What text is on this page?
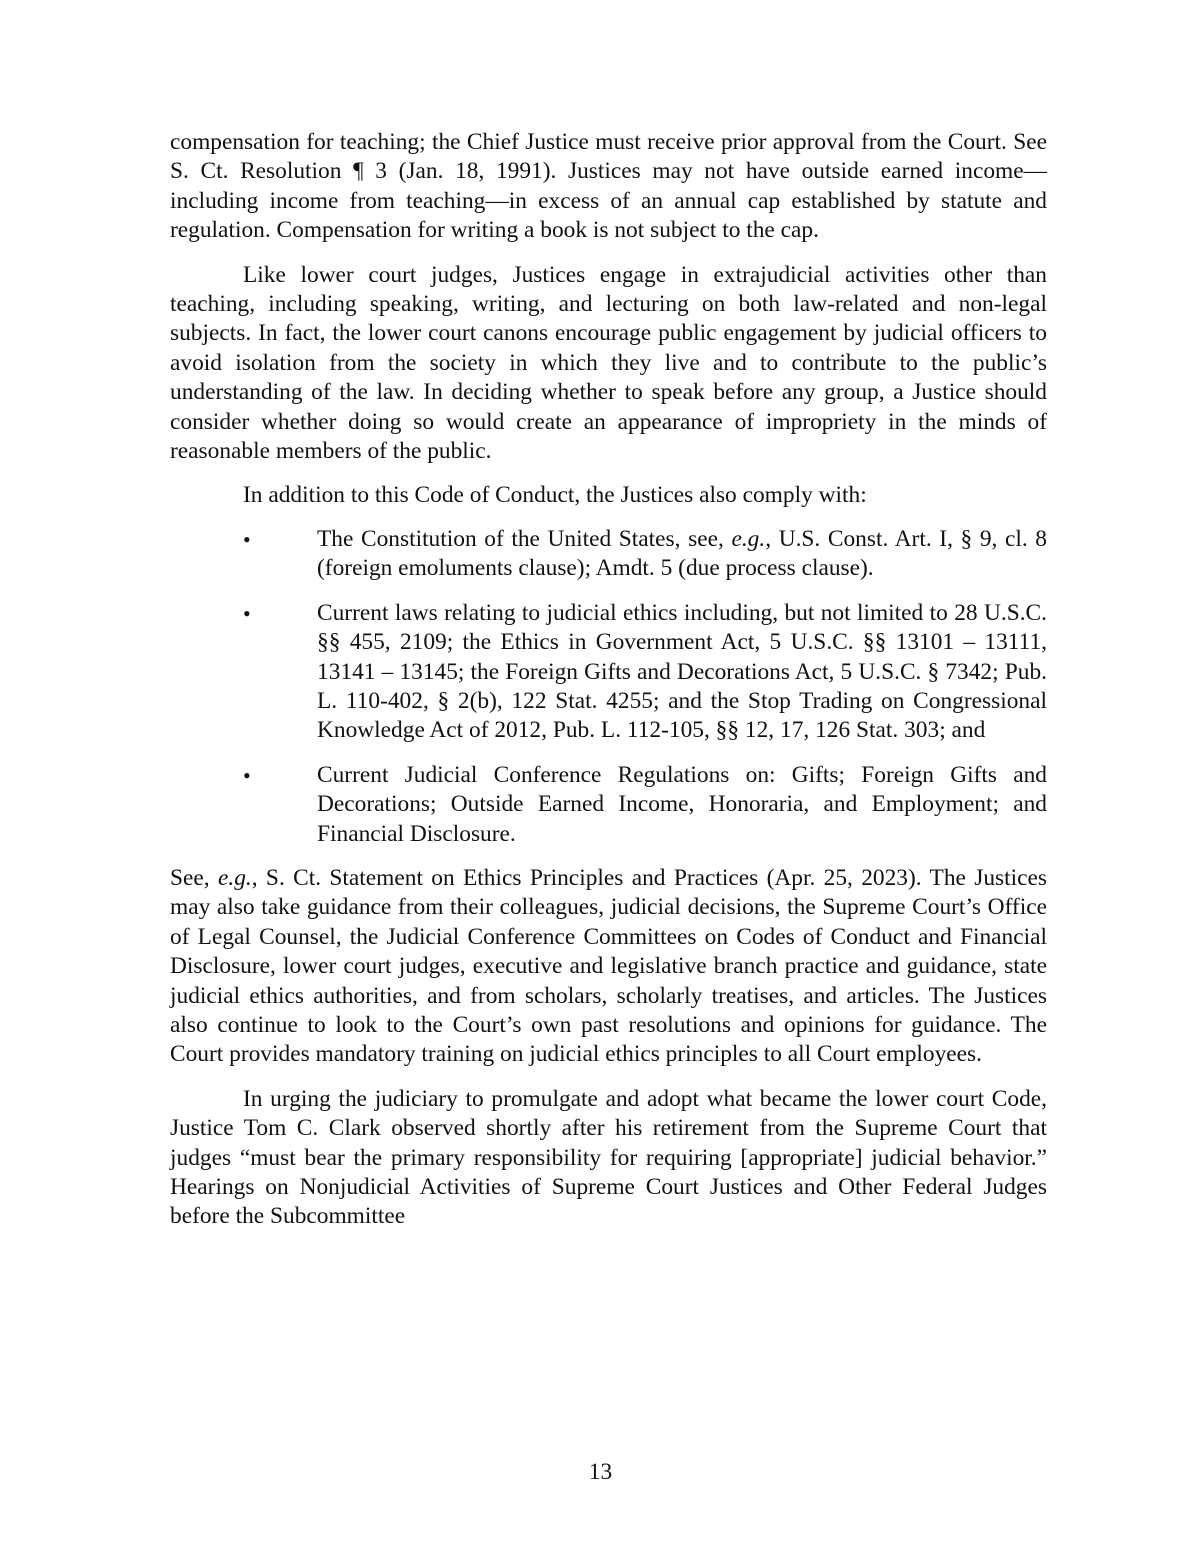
compensation for teaching; the Chief Justice must receive prior approval from the Court. See S. Ct. Resolution ¶ 3 (Jan. 18, 1991). Justices may not have outside earned income—including income from teaching—in excess of an annual cap established by statute and regulation. Compensation for writing a book is not subject to the cap.

Like lower court judges, Justices engage in extrajudicial activities other than teaching, including speaking, writing, and lecturing on both law-related and non-legal subjects. In fact, the lower court canons encourage public engagement by judicial officers to avoid isolation from the society in which they live and to contribute to the public’s understanding of the law. In deciding whether to speak before any group, a Justice should consider whether doing so would create an appearance of impropriety in the minds of reasonable members of the public.

In addition to this Code of Conduct, the Justices also comply with:

•	The Constitution of the United States, see, e.g., U.S. Const. Art. I, § 9, cl. 8 (foreign emoluments clause); Amdt. 5 (due process clause).
•	Current laws relating to judicial ethics including, but not limited to 28 U.S.C. §§ 455, 2109; the Ethics in Government Act, 5 U.S.C. §§ 13101 – 13111, 13141 – 13145; the Foreign Gifts and Decorations Act, 5 U.S.C. § 7342; Pub. L. 110-402, § 2(b), 122 Stat. 4255; and the Stop Trading on Congressional Knowledge Act of 2012, Pub. L. 112-105, §§ 12, 17, 126 Stat. 303; and
•	Current Judicial Conference Regulations on: Gifts; Foreign Gifts and Decorations; Outside Earned Income, Honoraria, and Employment; and Financial Disclosure.

See, e.g., S. Ct. Statement on Ethics Principles and Practices (Apr. 25, 2023). The Justices may also take guidance from their colleagues, judicial decisions, the Supreme Court’s Office of Legal Counsel, the Judicial Conference Committees on Codes of Conduct and Financial Disclosure, lower court judges, executive and legislative branch practice and guidance, state judicial ethics authorities, and from scholars, scholarly treatises, and articles. The Justices also continue to look to the Court’s own past resolutions and opinions for guidance. The Court provides mandatory training on judicial ethics principles to all Court employees.

In urging the judiciary to promulgate and adopt what became the lower court Code, Justice Tom C. Clark observed shortly after his retirement from the Supreme Court that judges “must bear the primary responsibility for requiring [appropriate] judicial behavior.” Hearings on Nonjudicial Activities of Supreme Court Justices and Other Federal Judges before the Subcommittee

13
